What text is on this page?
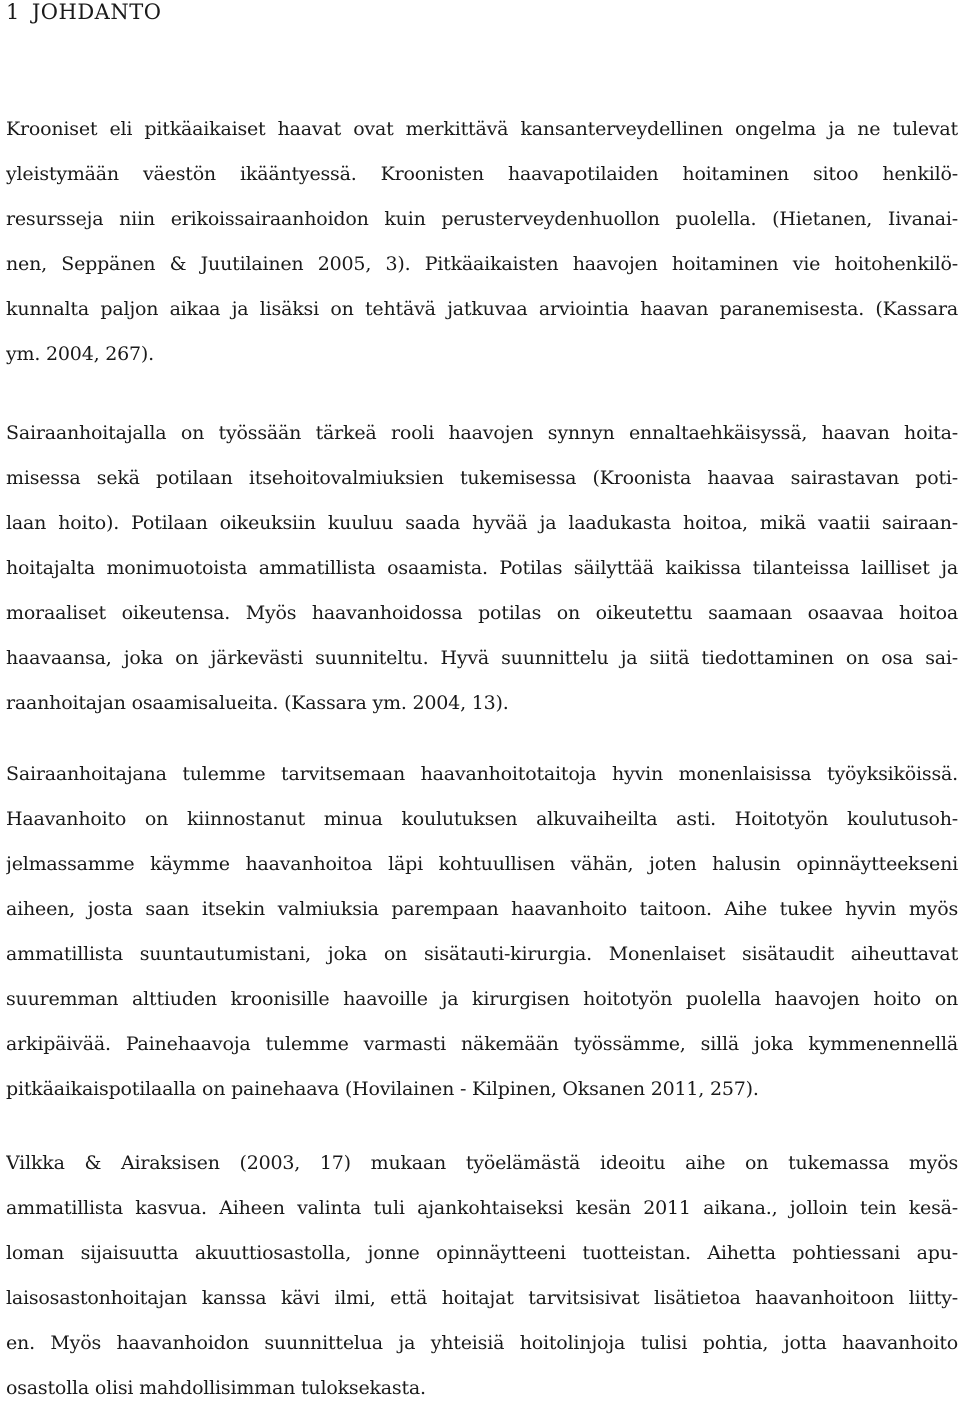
1 JOHDANTO
Krooniset eli pitkäaikaiset haavat ovat merkittävä kansanterveydellinen ongelma ja ne tulevat
yleistymään väestön ikääntyessä. Kroonisten haavapotilaiden hoitaminen sitoo henkilö-
resursseja niin erikoissairaanhoidon kuin perusterveydenhuollon puolella. (Hietanen, Iivanai-
nen, Seppänen & Juutilainen 2005, 3). Pitkäaikaisten haavojen hoitaminen vie hoitohenkilö-
kunnalta paljon aikaa ja lisäksi on tehtävä jatkuvaa arviointia haavan paranemisesta. (Kassara
ym. 2004, 267).
Sairaanhoitajalla on työssään tärkeä rooli haavojen synnyn ennaltaehkäisyssä, haavan hoita-
misessa sekä potilaan itsehoitovalmiuksien tukemisessa (Kroonista haavaa sairastavan poti-
laan hoito). Potilaan oikeuksiin kuuluu saada hyvää ja laadukasta hoitoa, mikä vaatii sairaan-
hoitajalta monimuotoista ammatillista osaamista. Potilas säilyttää kaikissa tilanteissa lailliset ja
moraaliset oikeutensa. Myös haavanhoidossa potilas on oikeutettu saamaan osaavaa hoitoa
haavaansa, joka on järkevästi suunniteltu. Hyvä suunnittelu ja siitä tiedottaminen on osa sai-
raanhoitajan osaamisalueita. (Kassara ym. 2004, 13).
Sairaanhoitajana tulemme tarvitsemaan haavanhoitotaitoja hyvin monenlaisissa työyksiköissä.
Haavanhoito on kiinnostanut minua koulutuksen alkuvaiheilta asti. Hoitotyön koulutusoh-
jelmassamme käymme haavanhoitoa läpi kohtuullisen vähän, joten halusin opinnäytteekseni
aiheen, josta saan itsekin valmiuksia parempaan haavanhoito taitoon. Aihe tukee hyvin myös
ammatillista suuntautumistani, joka on sisätauti-kirurgia. Monenlaiset sisätaudit aiheuttavat
suuremman alttiuden kroonisille haavoille ja kirurgisen hoitotyön puolella haavojen hoito on
arkipäivää. Painehaavoja tulemme varmasti näkemään työssämme, sillä joka kymmenennellä
pitkäaikaispotilaalla on painehaava (Hovilainen - Kilpinen, Oksanen 2011, 257).
Vilkka & Airaksisen (2003, 17) mukaan työelämästä ideoitu aihe on tukemassa myös
ammatillista kasvua. Aiheen valinta tuli ajankohtaiseksi kesän 2011 aikana., jolloin tein kesä-
loman sijaisuutta akuuttiosastolla, jonne opinnäytteeni tuotteistan. Aihetta pohtiessani apu-
laisosastonhoitajan kanssa kävi ilmi, että hoitajat tarvitsisivat lisätietoa haavanhoitoon liitty-
en. Myös haavanhoidon suunnittelua ja yhteisiä hoitolinjoja tulisi pohtia, jotta haavanhoito
osastolla olisi mahdollisimman tuloksekasta.
